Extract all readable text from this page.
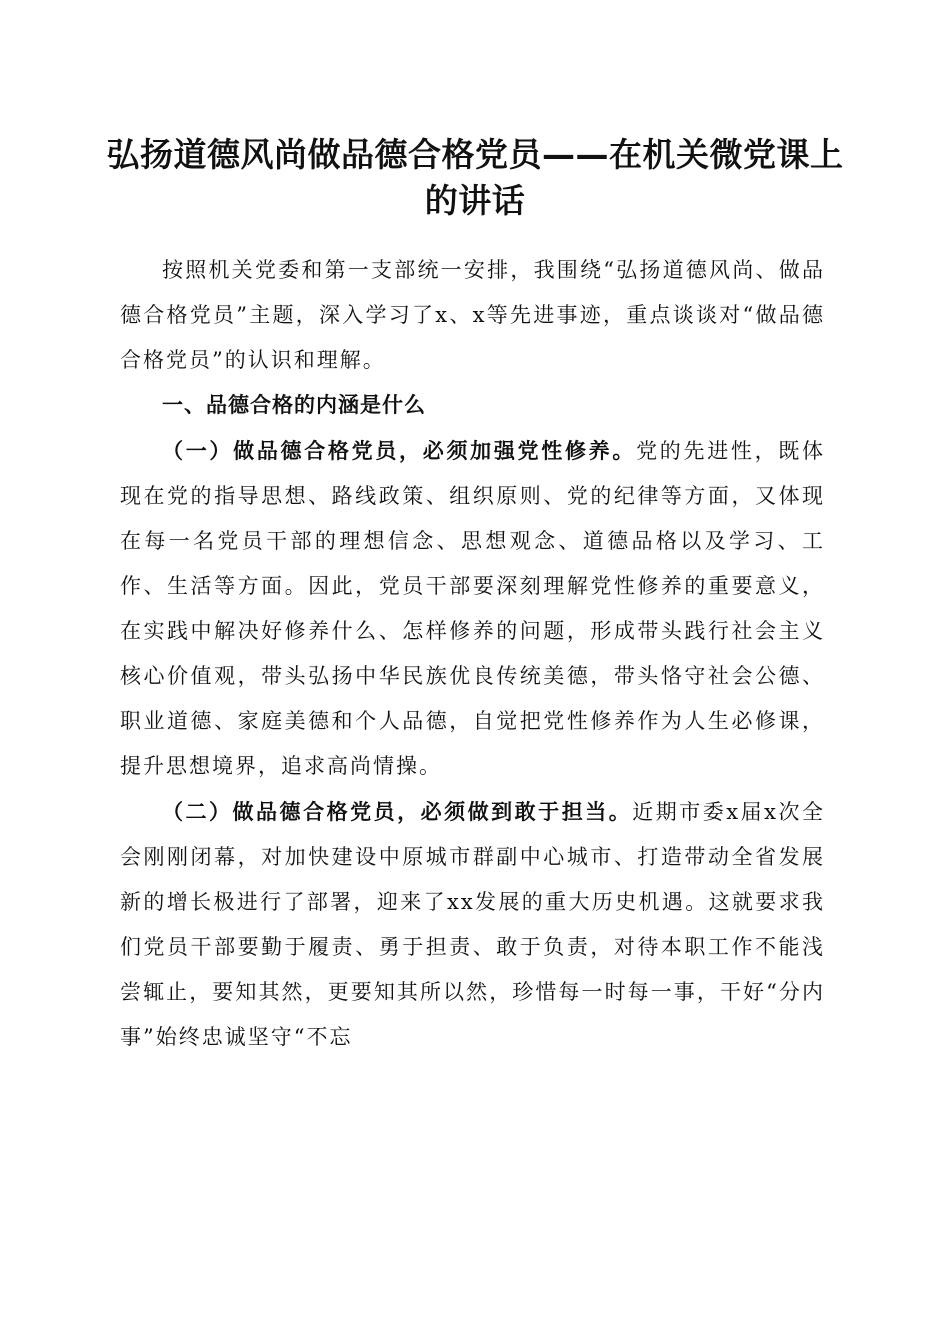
弘扬道德风尚做品德合格党员——在机关微党课上的讲话

按照机关党委和第一支部统一安排，我围绕“弘扬道德风尚、做品德合格党员”主题，深入学习了x、x等先进事迹，重点谈谈对“做品德合格党员”的认识和理解。

一、品德合格的内涵是什么

（一）做品德合格党员，必须加强党性修养。党的先进性，既体现在党的指导思想、路线政策、组织原则、党的纪律等方面，又体现在每一名党员干部的理想信念、思想观念、道德品格以及学习、工作、生活等方面。因此，党员干部要深刻理解党性修养的重要意义，在实践中解决好修养什么、怎样修养的问题，形成带头践行社会主义核心价值观，带头弘扬中华民族优良传统美德，带头恪守社会公德、职业道德、家庭美德和个人品德，自觉把党性修养作为人生必修课，提升思想境界，追求高尚情操。

（二）做品德合格党员，必须做到敢于担当。近期市委x届x次全会刚刚闭幕，对加快建设中原城市群副中心城市、打造带动全省发展新的增长极进行了部署，迎来了xx发展的重大历史机遇。这就要求我们党员干部要勤于履责、勇于担责、敢于负责，对待本职工作不能浅尝辄止，要知其然，更要知其所以然，珍惜每一时每一事，干好“分内事”始终忠诚坚守“不忘
